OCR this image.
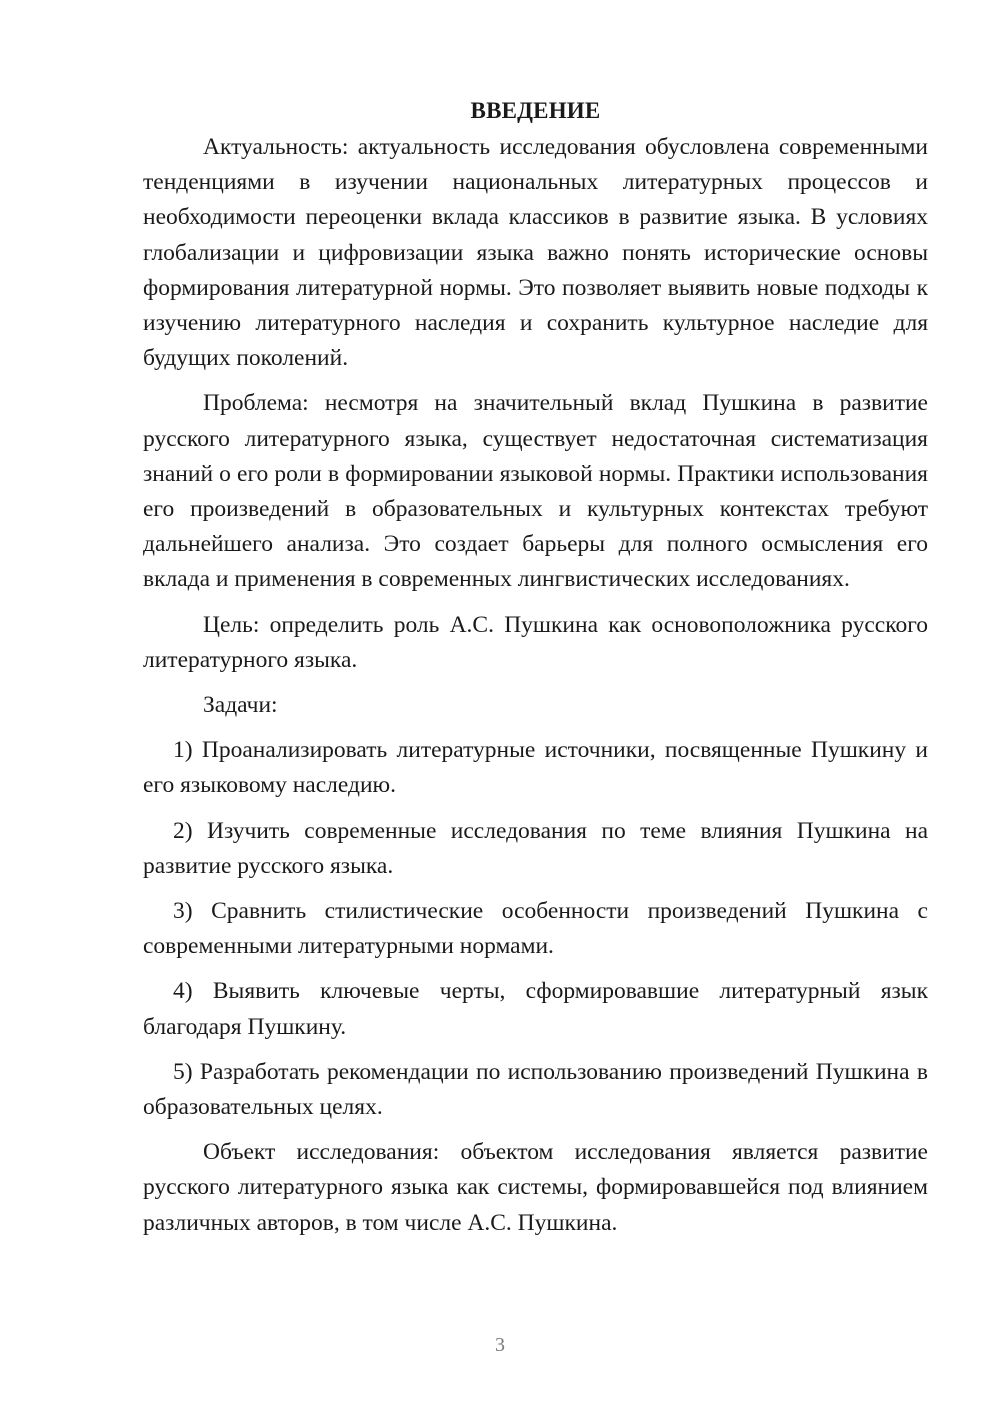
ВВЕДЕНИЕ

Актуальность: актуальность исследования обусловлена современными тенденциями в изучении национальных литературных процессов и необходимости переоценки вклада классиков в развитие языка. В условиях глобализации и цифровизации языка важно понять исторические основы формирования литературной нормы. Это позволяет выявить новые подходы к изучению литературного наследия и сохранить культурное наследие для будущих поколений.

Проблема: несмотря на значительный вклад Пушкина в развитие русского литературного языка, существует недостаточная систематизация знаний о его роли в формировании языковой нормы. Практики использования его произведений в образовательных и культурных контекстах требуют дальнейшего анализа. Это создает барьеры для полного осмысления его вклада и применения в современных лингвистических исследованиях.

Цель: определить роль А.С. Пушкина как основоположника русского литературного языка.

Задачи:

1) Проанализировать литературные источники, посвященные Пушкину и его языковому наследию.

2) Изучить современные исследования по теме влияния Пушкина на развитие русского языка.

3) Сравнить стилистические особенности произведений Пушкина с современными литературными нормами.

4) Выявить ключевые черты, сформировавшие литературный язык благодаря Пушкину.

5) Разработать рекомендации по использованию произведений Пушкина в образовательных целях.

Объект исследования: объектом исследования является развитие русского литературного языка как системы, формировавшейся под влиянием различных авторов, в том числе А.С. Пушкина.

3
